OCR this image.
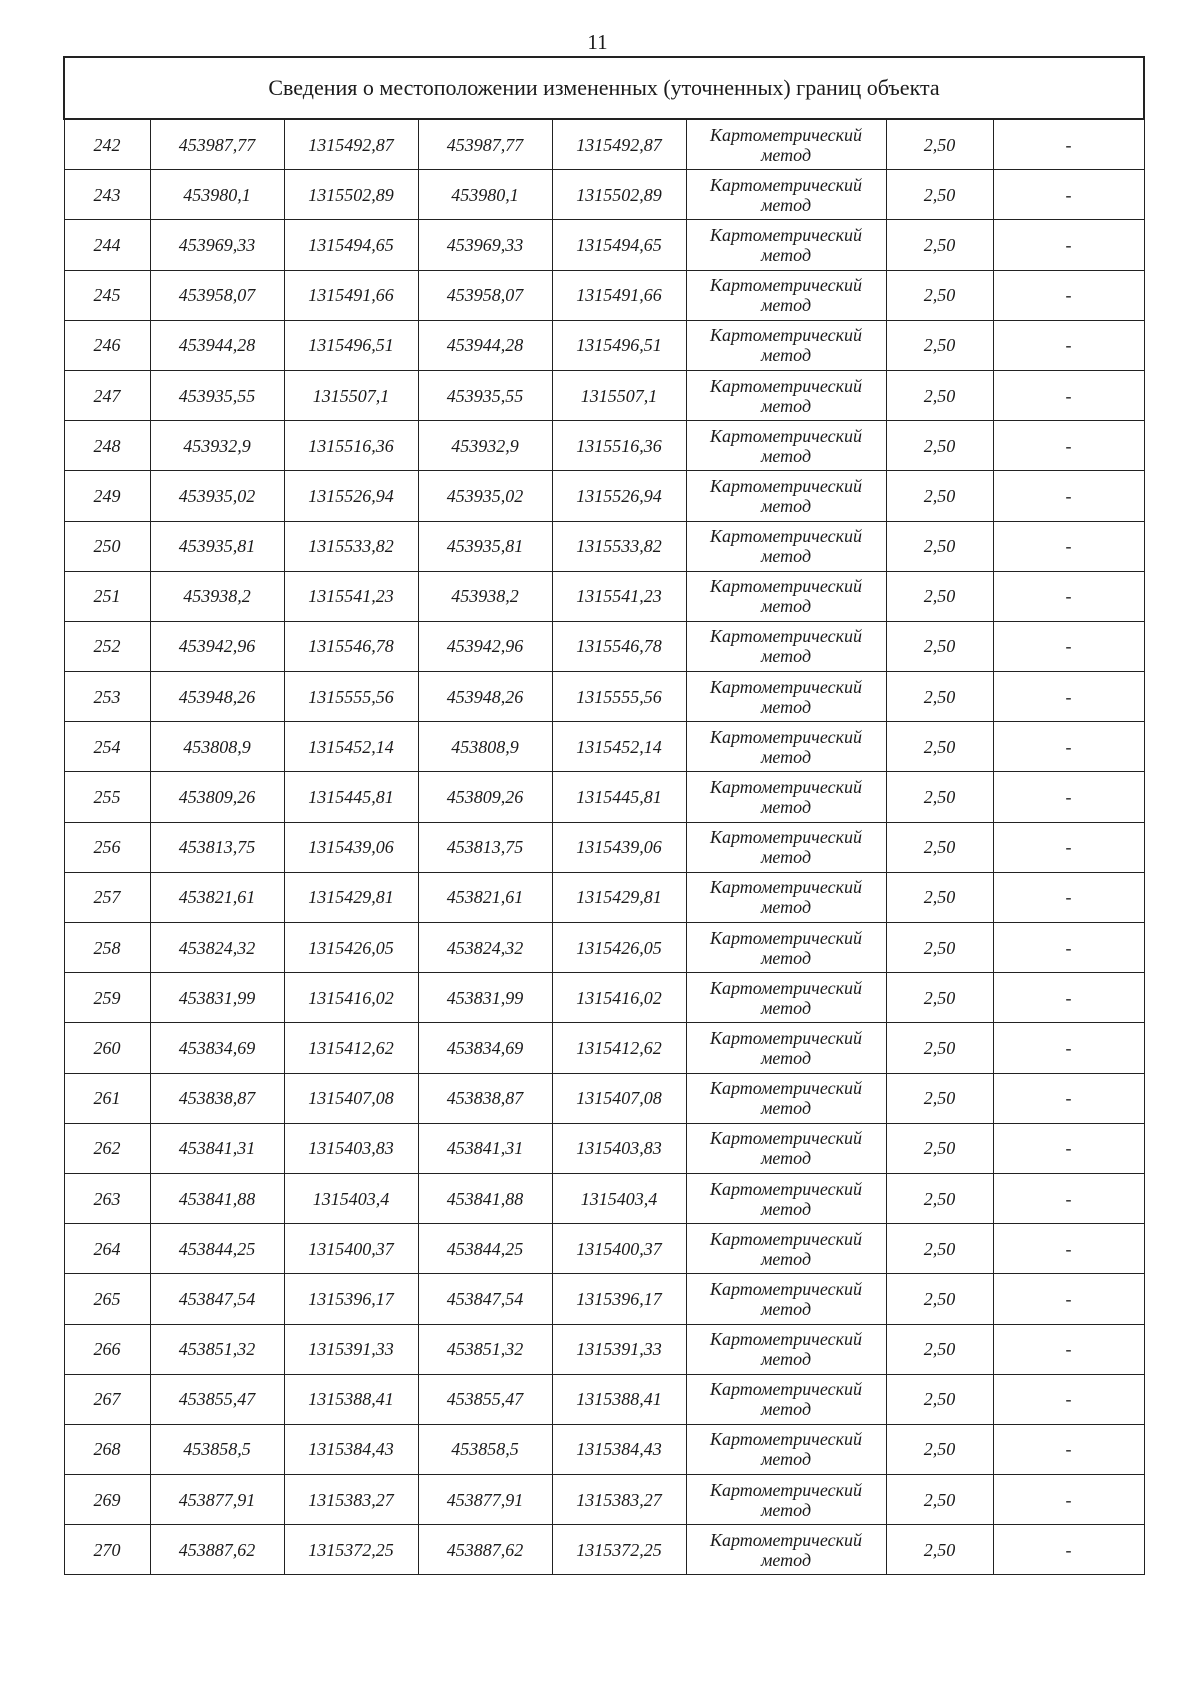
11
Сведения о местоположении измененных (уточненных) границ объекта							
242	453987,77	1315492,87	453987,77	1315492,87	Картометрический метод	2,50	-
243	453980,1	1315502,89	453980,1	1315502,89	Картометрический метод	2,50	-
244	453969,33	1315494,65	453969,33	1315494,65	Картометрический метод	2,50	-
245	453958,07	1315491,66	453958,07	1315491,66	Картометрический метод	2,50	-
246	453944,28	1315496,51	453944,28	1315496,51	Картометрический метод	2,50	-
247	453935,55	1315507,1	453935,55	1315507,1	Картометрический метод	2,50	-
248	453932,9	1315516,36	453932,9	1315516,36	Картометрический метод	2,50	-
249	453935,02	1315526,94	453935,02	1315526,94	Картометрический метод	2,50	-
250	453935,81	1315533,82	453935,81	1315533,82	Картометрический метод	2,50	-
251	453938,2	1315541,23	453938,2	1315541,23	Картометрический метод	2,50	-
252	453942,96	1315546,78	453942,96	1315546,78	Картометрический метод	2,50	-
253	453948,26	1315555,56	453948,26	1315555,56	Картометрический метод	2,50	-
254	453808,9	1315452,14	453808,9	1315452,14	Картометрический метод	2,50	-
255	453809,26	1315445,81	453809,26	1315445,81	Картометрический метод	2,50	-
256	453813,75	1315439,06	453813,75	1315439,06	Картометрический метод	2,50	-
257	453821,61	1315429,81	453821,61	1315429,81	Картометрический метод	2,50	-
258	453824,32	1315426,05	453824,32	1315426,05	Картометрический метод	2,50	-
259	453831,99	1315416,02	453831,99	1315416,02	Картометрический метод	2,50	-
260	453834,69	1315412,62	453834,69	1315412,62	Картометрический метод	2,50	-
261	453838,87	1315407,08	453838,87	1315407,08	Картометрический метод	2,50	-
262	453841,31	1315403,83	453841,31	1315403,83	Картометрический метод	2,50	-
263	453841,88	1315403,4	453841,88	1315403,4	Картометрический метод	2,50	-
264	453844,25	1315400,37	453844,25	1315400,37	Картометрический метод	2,50	-
265	453847,54	1315396,17	453847,54	1315396,17	Картометрический метод	2,50	-
266	453851,32	1315391,33	453851,32	1315391,33	Картометрический метод	2,50	-
267	453855,47	1315388,41	453855,47	1315388,41	Картометрический метод	2,50	-
268	453858,5	1315384,43	453858,5	1315384,43	Картометрический метод	2,50	-
269	453877,91	1315383,27	453877,91	1315383,27	Картометрический метод	2,50	-
270	453887,62	1315372,25	453887,62	1315372,25	Картометрический метод	2,50	-
